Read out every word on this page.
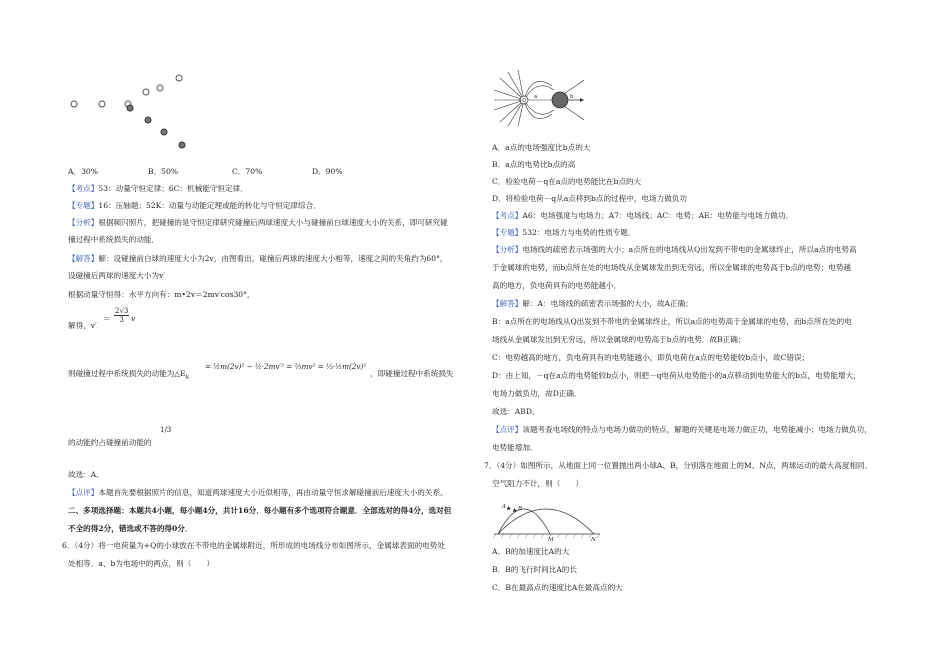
A．30%	B．50%	C．70%	D．90%
【考点】53：动量守恒定律；6C：机械能守恒定律．
【专题】16：压轴题；52K：动量与动能定理或能的转化与守恒定律综合．
【分析】根据频闪照片，把碰撞的是守恒定律研究碰撞后两球速度大小与碰撞前白球速度大小的关系，即可研究碰
撞过程中系统损失的动能．
【解答】解：设碰撞前白球的速度大小为2v，由图看出，碰撞后两球的速度大小相等，速度之间的夹角约为60°，
设碰撞后两球的速度大小为v′
根据动量守恒得：水平方向有：m•2v＝2mv′cos30°，
解得，v′
＝ $\frac{2√3}{3}$ v
则碰撞过程中系统损失的动能为$\triangle E_k$
= ½m(2v)² − ½·2mv′² = ⅔mv² = ⅓·½m(2v)²
，即碰撞过程中系统损失
1/3
的动能约占碰撞前动能的
故选：A。
【点评】本题首先要根据照片的信息，知道两球速度大小近似相等，再由动量守恒求解碰撞前后速度大小的关系。
二、多项选择题：本题共4小题，每小题4分，共计16分．每小题有多个选项符合题意．全部选对的得4分，选对但
不全的得2分，错选或不答的得0分．
6．（4分）将一电荷量为+Q的小球放在不带电的金属球附近，所形成的电场线分布如图所示，金属球表面的电势处
处相等．a、b为电场中的两点，则（　　）
+Q
a	b
A．a点的电场强度比b点的大
B．a点的电势比b点的高
C．检验电荷－q在a点的电势能比在b点的大
D．将检验电荷－q从a点移到b点的过程中，电场力做负功
【考点】A6：电场强度与电场力；A7：电场线；AC：电势；AE：电势能与电场力做功．
【专题】532：电场力与电势的性质专题．
【分析】电场线的疏密表示场强的大小；a点所在的电场线从Q出发到不带电的金属球终止，所以a点的电势高
于金属球的电势，而b点所在处的电场线从金属球发出到无穷远，所以金属球的电势高于b点的电势；电势越
高的地方，负电荷具有的电势能越小．
【解答】解：A：电场线的疏密表示场强的大小，故A正确；
B：a点所在的电场线从Q出发到不带电的金属球终止，所以a点的电势高于金属球的电势，而b点所在处的电
场线从金属球发出到无穷远，所以金属球的电势高于b点的电势．故B正确；
C：电势越高的地方，负电荷具有的电势能越小，即负电荷在a点的电势能较b点小，故C错误；
D：由上知，－q在a点的电势能较b点小，则把－q电荷从电势能小的a点移动到电势能大的b点，电势能增大，
电场力做负功，故D正确．
故选：ABD。
【点评】该题考查电场线的特点与电场力做功的特点，解题的关键是电场力做正功，电势能减小；电场力做负功，
电势能增加．
7．（4分）如图所示，从地面上同一位置抛出两小球A、B，分别落在地面上的M、N点，两球运动的最大高度相同．
空气阻力不计，则（　　）
A B
M	N
A．B的加速度比A的大
B．B的飞行时间比A的长
C．B在最高点的速度比A在最高点的大
